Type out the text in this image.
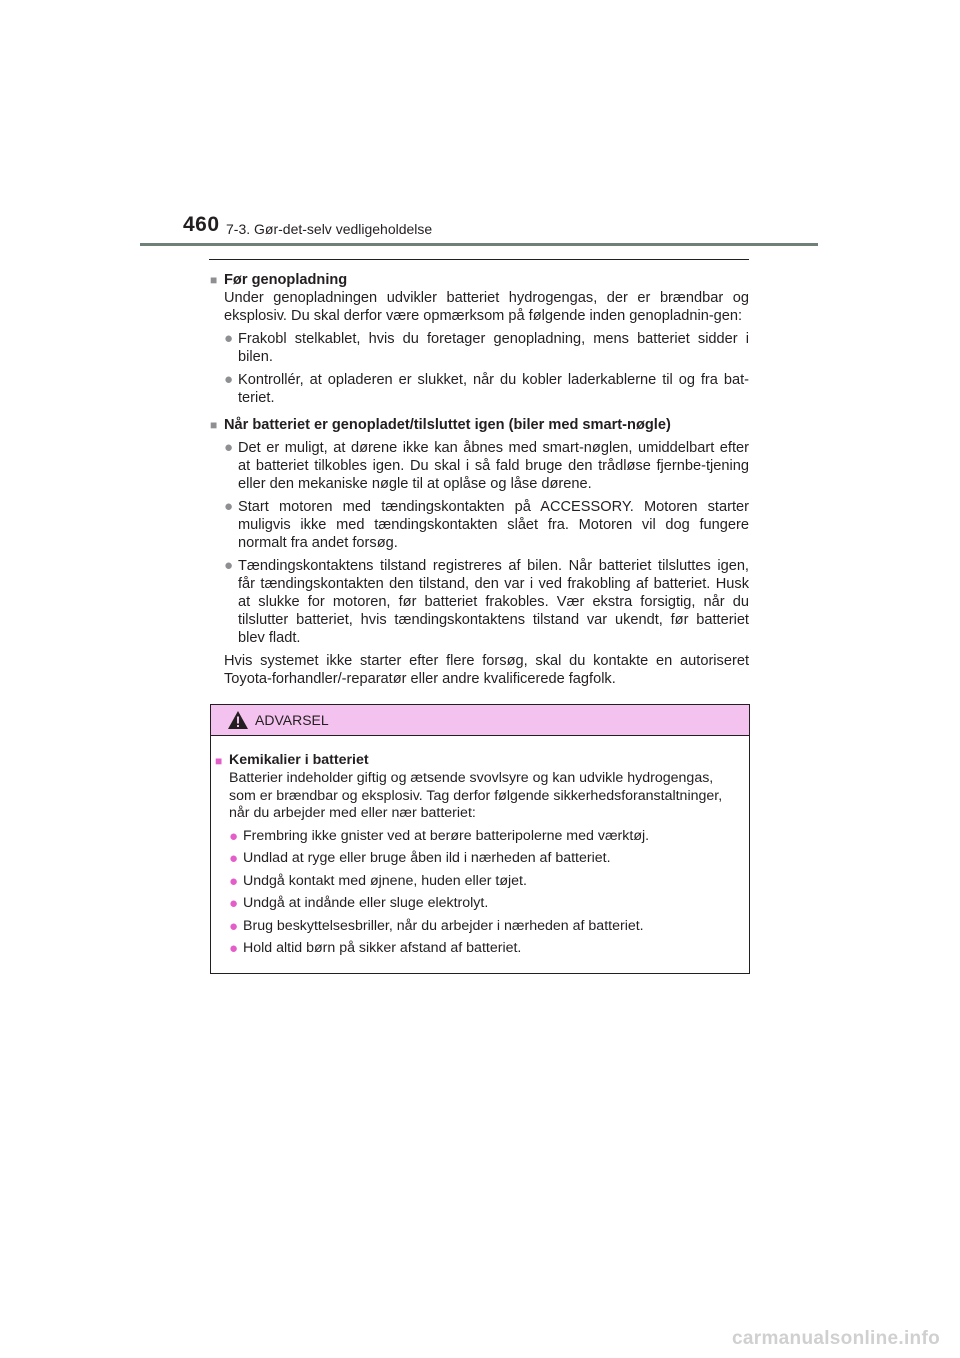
460 7-3. Gør-det-selv vedligeholdelse
■ Før genopladning
Under genopladningen udvikler batteriet hydrogengas, der er brændbar og eksplosiv. Du skal derfor være opmærksom på følgende inden genopladnin-gen:
● Frakobl stelkablet, hvis du foretager genopladning, mens batteriet sidder i bilen.
● Kontrollér, at opladeren er slukket, når du kobler laderkablerne til og fra bat-teriet.
■ Når batteriet er genopladet/tilsluttet igen (biler med smart-nøgle)
● Det er muligt, at dørene ikke kan åbnes med smart-nøglen, umiddelbart efter at batteriet tilkobles igen. Du skal i så fald bruge den trådløse fjernbe-tjening eller den mekaniske nøgle til at oplåse og låse dørene.
● Start motoren med tændingskontakten på ACCESSORY. Motoren starter muligvis ikke med tændingskontakten slået fra. Motoren vil dog fungere normalt fra andet forsøg.
● Tændingskontaktens tilstand registreres af bilen. Når batteriet tilsluttes igen, får tændingskontakten den tilstand, den var i ved frakobling af batteriet. Husk at slukke for motoren, før batteriet frakobles. Vær ekstra forsigtig, når du tilslutter batteriet, hvis tændingskontaktens tilstand var ukendt, før batteriet blev fladt.
Hvis systemet ikke starter efter flere forsøg, skal du kontakte en autoriseret Toyota-forhandler/-reparatør eller andre kvalificerede fagfolk.
ADVARSEL
■ Kemikalier i batteriet
Batterier indeholder giftig og ætsende svovlsyre og kan udvikle hydrogengas, som er brændbar og eksplosiv. Tag derfor følgende sikkerhedsforanstaltninger, når du arbejder med eller nær batteriet:
● Frembring ikke gnister ved at berøre batteripolerne med værktøj.
● Undlad at ryge eller bruge åben ild i nærheden af batteriet.
● Undgå kontakt med øjnene, huden eller tøjet.
● Undgå at indånde eller sluge elektrolyt.
● Brug beskyttelsesbriller, når du arbejder i nærheden af batteriet.
● Hold altid børn på sikker afstand af batteriet.
carmanualsonline.info
